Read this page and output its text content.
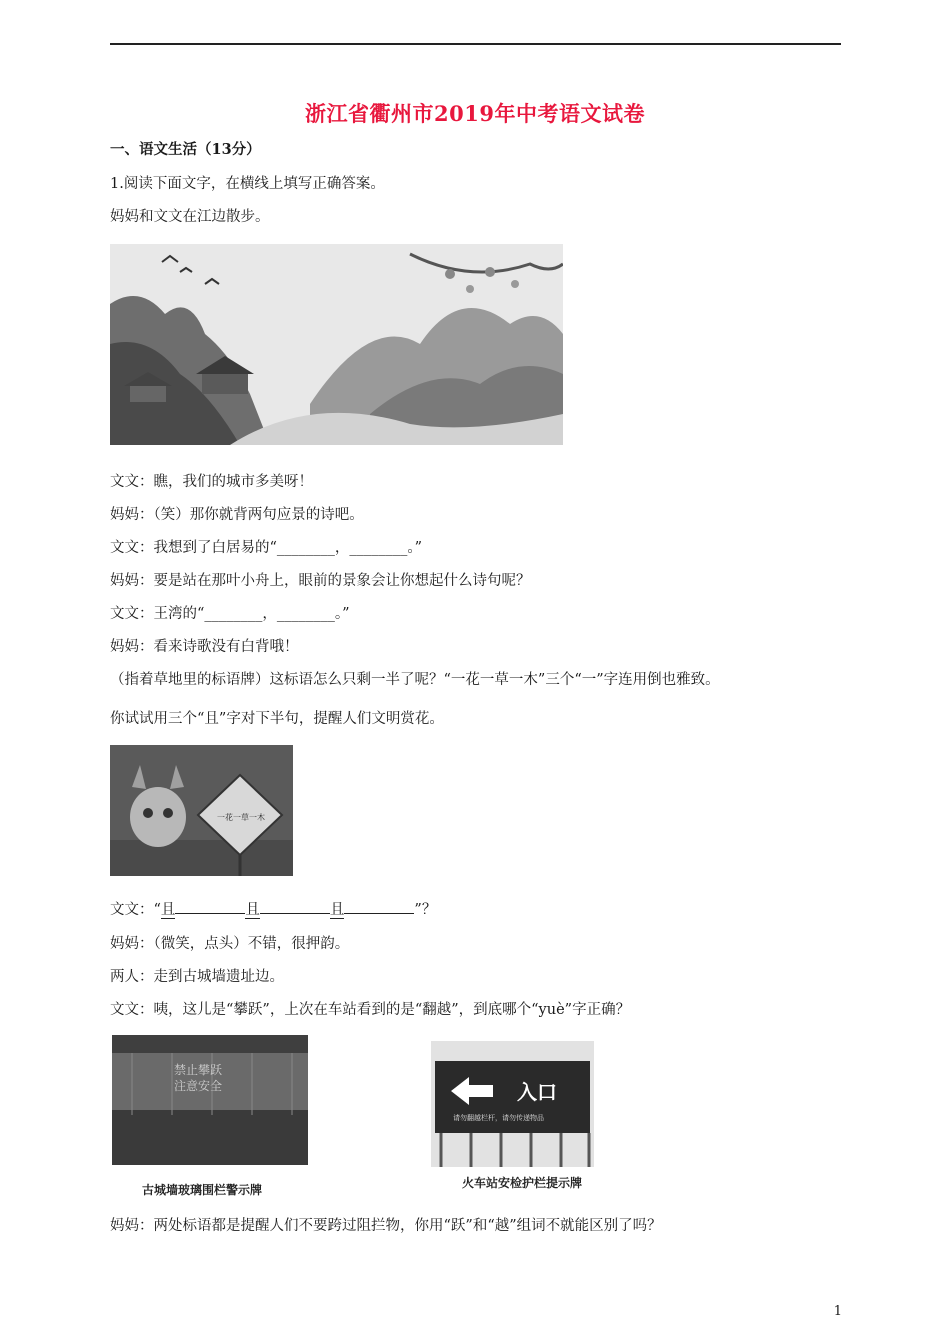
浙江省衢州市2019年中考语文试卷
一、语文生活（13分）
1.阅读下面文字，在横线上填写正确答案。
妈妈和文文在江边散步。
文文：瞧，我们的城市多美呀！
妈妈：（笑）那你就背两句应景的诗吧。
文文：我想到了白居易的“________，________。”
妈妈：要是站在那叶小舟上，眼前的景象会让你想起什么诗句呢？
文文：王湾的“________，________。”
妈妈：看来诗歌没有白背哦！
（指着草地里的标语牌）这标语怎么只剩一半了呢？“一花一草一木”三个“一”字连用倒也雅致。
你试试用三个“且”字对下半句，提醒人们文明赏花。
一花一草一木
文文：“且	且	且	”？
妈妈：（微笑，点头）不错，很押韵。
两人：走到古城墙遗址边。
文文：咦，这儿是“攀跃”，上次在车站看到的是“翻越”，到底哪个“yuè”字正确？
禁止攀跃
注意安全
古城墙玻璃围栏警示牌
入口
请勿翻越栏杆，请勿传递物品
火车站安检护栏提示牌
妈妈：两处标语都是提醒人们不要跨过阻拦物，你用“跃”和“越”组词不就能区别了吗？
1
